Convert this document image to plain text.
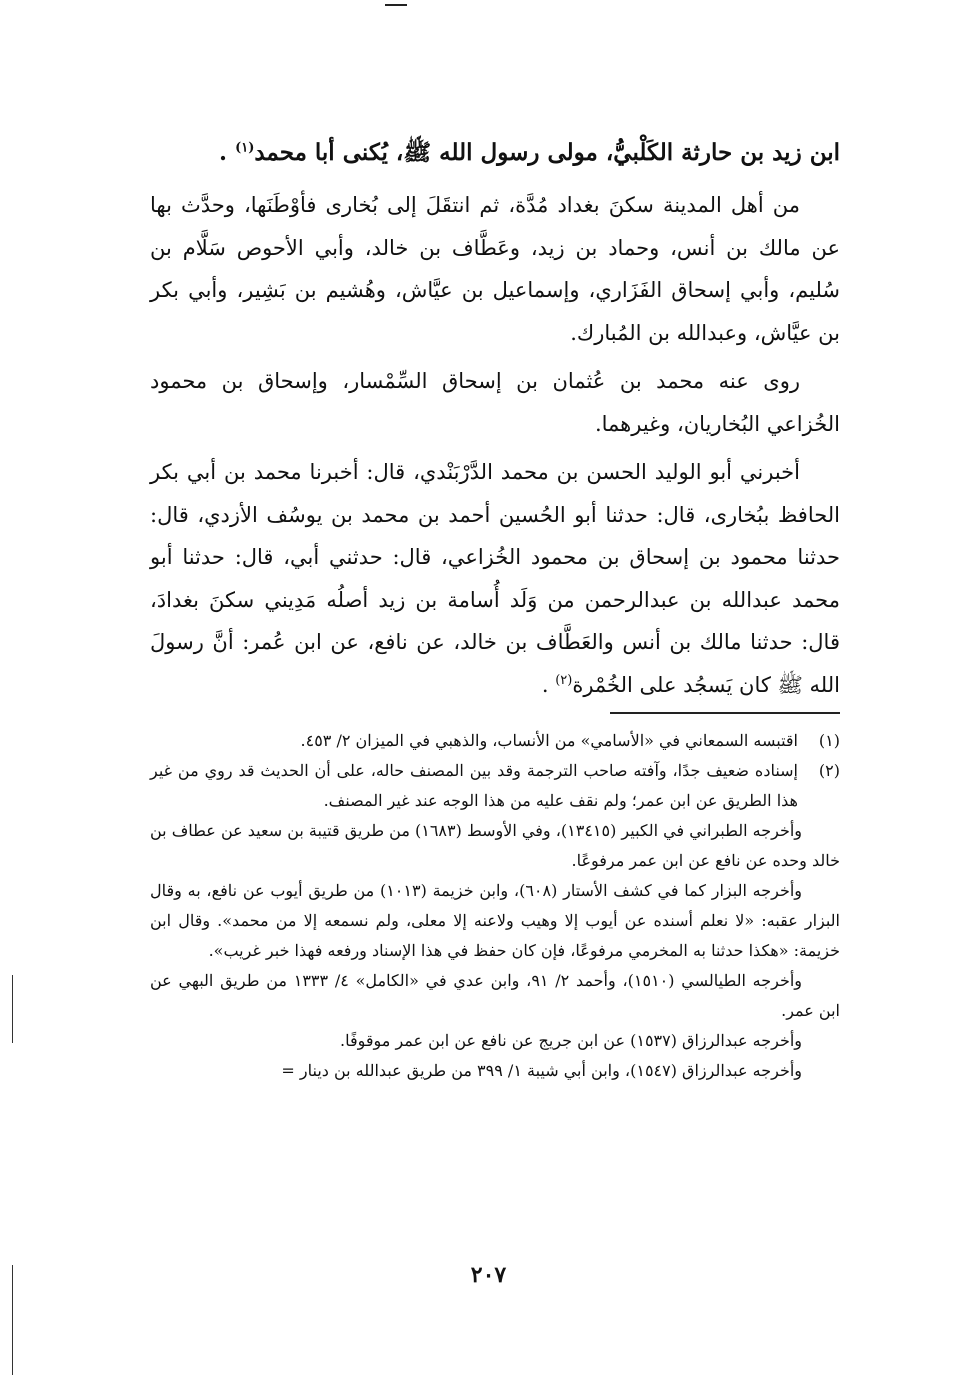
ابن زيد بن حارثة الكَلْبيُّ، مولى رسول الله ﷺ، يُكنى أبا محمد$^{(١)}$ .

من أهل المدينة سكنَ بغداد مُدَّة، ثم انتقَلَ إلى بُخارى فأوْطَنَها، وحدَّث بها عن مالك بن أنس، وحماد بن زيد، وعَطَّاف بن خالد، وأبي الأحوص سَلَّام بن سُليم، وأبي إسحاق الفَزَاري، وإسماعيل بن عيَّاش، وهُشيم بن بَشِير، وأبي بكر بن عيَّاش، وعبدالله بن المُبارك.

روى عنه محمد بن عُثمان بن إسحاق السِّمْسار، وإسحاق بن محمود الخُزاعي البُخاريان، وغيرهما.

أخبرني أبو الوليد الحسن بن محمد الدَّرْبَنْدي، قال: أخبرنا محمد بن أبي بكر الحافظ ببُخارى، قال: حدثنا أبو الحُسين أحمد بن محمد بن يوسُف الأزدي، قال: حدثنا محمود بن إسحاق بن محمود الخُزاعي، قال: حدثني أبي، قال: حدثنا أبو محمد عبدالله بن عبدالرحمن من وَلَد أُسامة بن زيد أصلُه مَدِيني سكنَ بغدادَ، قال: حدثنا مالك بن أنس والعَطَّاف بن خالد، عن نافع، عن ابن عُمر: أنَّ رسولَ الله ﷺ كان يَسجُد على الخُمْرة$^{(٢)}$ .

(١)
اقتبسه السمعاني في «الأسامي» من الأنساب، والذهبي في الميزان ٢/ ٤٥٣.
(٢)
إسناده ضعيف جدًا، وآفته صاحب الترجمة وقد بين المصنف حاله، على أن الحديث قد روي من غير هذا الطريق عن ابن عمر؛ ولم نقف عليه من هذا الوجه عند غير المصنف.

وأخرجه الطبراني في الكبير (١٣٤١٥)، وفي الأوسط (١٦٨٣) من طريق قتيبة بن سعيد عن عطاف بن خالد وحده عن نافع عن ابن عمر مرفوعًا.

وأخرجه البزار كما في كشف الأستار (٦٠٨)، وابن خزيمة (١٠١٣) من طريق أيوب عن نافع، به وقال البزار عقبه: «لا نعلم أسنده عن أيوب إلا وهيب ولاعنه إلا معلى، ولم نسمعه إلا من محمد». وقال ابن خزيمة: «هكذا حدثنا به المخرمي مرفوعًا، فإن كان حفظ في هذا الإسناد ورفعه فهذا خبر غريب».

وأخرجه الطيالسي (١٥١٠)، وأحمد ٢/ ٩١، وابن عدي في «الكامل» ٤/ ١٣٣٣ من طريق البهي عن ابن عمر.

وأخرجه عبدالرزاق (١٥٣٧) عن ابن جريج عن نافع عن ابن عمر موقوفًا.

وأخرجه عبدالرزاق (١٥٤٧)، وابن أبي شيبة ١/ ٣٩٩ من طريق عبدالله بن دينار =

٢٠٧
